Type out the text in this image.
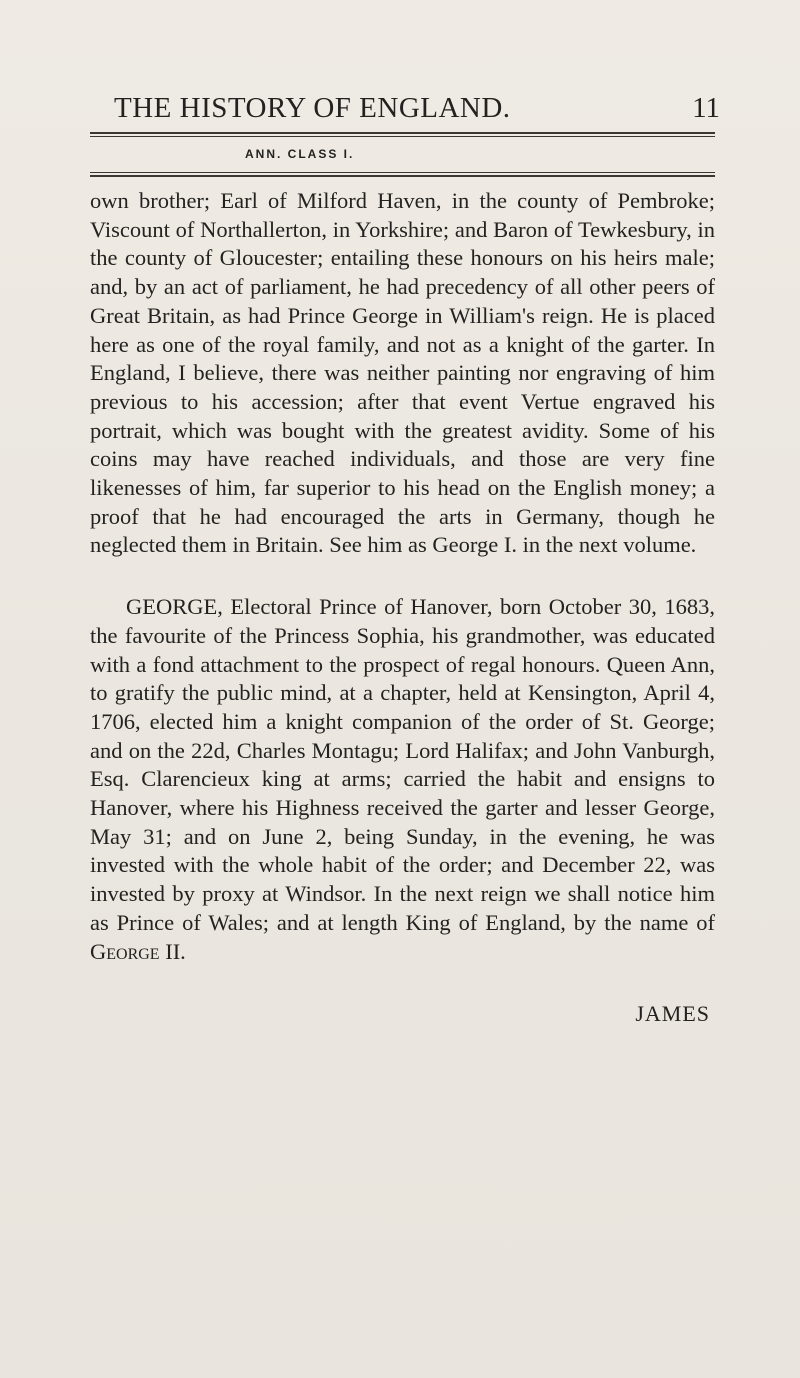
THE HISTORY OF ENGLAND.	11
ANN. CLASS I.

own brother; Earl of Milford Haven, in the county of Pembroke; Viscount of Northallerton, in Yorkshire; and Baron of Tewkesbury, in the county of Gloucester; entailing these honours on his heirs male; and, by an act of parliament, he had precedency of all other peers of Great Britain, as had Prince George in William's reign. He is placed here as one of the royal family, and not as a knight of the garter. In England, I believe, there was neither painting nor engraving of him previous to his accession; after that event Vertue engraved his portrait, which was bought with the greatest avidity. Some of his coins may have reached individuals, and those are very fine likenesses of him, far superior to his head on the English money; a proof that he had encouraged the arts in Germany, though he neglected them in Britain. See him as George I. in the next volume.

GEORGE, Electoral Prince of Hanover, born October 30, 1683, the favourite of the Princess Sophia, his grandmother, was educated with a fond attachment to the prospect of regal honours. Queen Ann, to gratify the public mind, at a chapter, held at Kensington, April 4, 1706, elected him a knight companion of the order of St. George; and on the 22d, Charles Montagu; Lord Halifax; and John Vanburgh, Esq. Clarencieux king at arms; carried the habit and ensigns to Hanover, where his Highness received the garter and lesser George, May 31; and on June 2, being Sunday, in the evening, he was invested with the whole habit of the order; and December 22, was invested by proxy at Windsor. In the next reign we shall notice him as Prince of Wales; and at length King of England, by the name of George II.

JAMES
